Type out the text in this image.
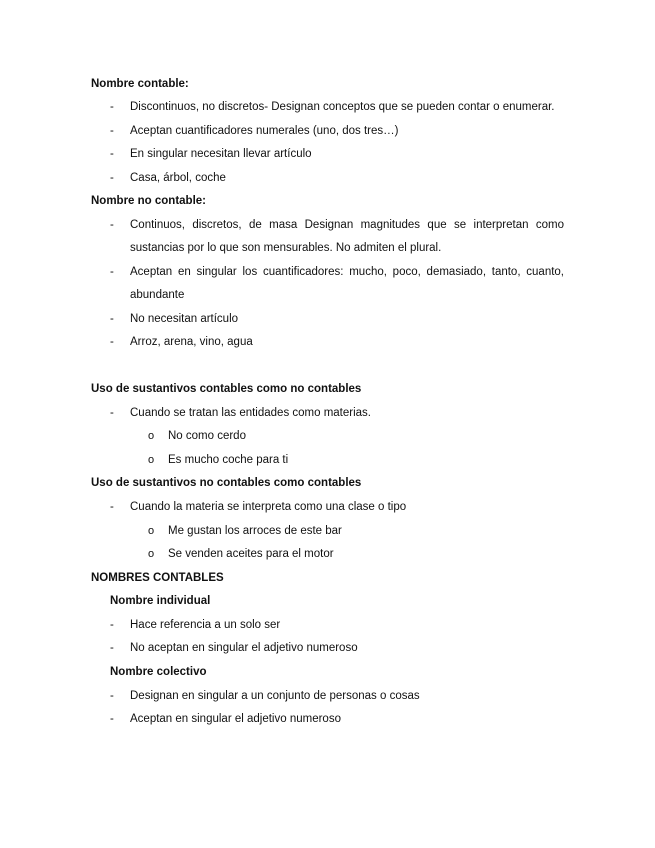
Nombre contable:
- Discontinuos, no discretos- Designan conceptos que se pueden contar o enumerar.
- Aceptan cuantificadores numerales (uno, dos tres…)
- En singular necesitan llevar artículo
- Casa, árbol, coche
Nombre no contable:
- Continuos, discretos, de masa Designan magnitudes que se interpretan como
sustancias por lo que son mensurables. No admiten el plural.
- Aceptan en singular los cuantificadores: mucho, poco, demasiado, tanto, cuanto,
abundante
- No necesitan artículo
- Arroz, arena, vino, agua
Uso de sustantivos contables como no contables
- Cuando se tratan las entidades como materias.
o No como cerdo
o Es mucho coche para ti
Uso de sustantivos no contables como contables
- Cuando la materia se interpreta como una clase o tipo
o Me gustan los arroces de este bar
o Se venden aceites para el motor
NOMBRES CONTABLES
Nombre individual
- Hace referencia a un solo ser
- No aceptan en singular el adjetivo numeroso
Nombre colectivo
- Designan en singular a un conjunto de personas o cosas
- Aceptan en singular el adjetivo numeroso
